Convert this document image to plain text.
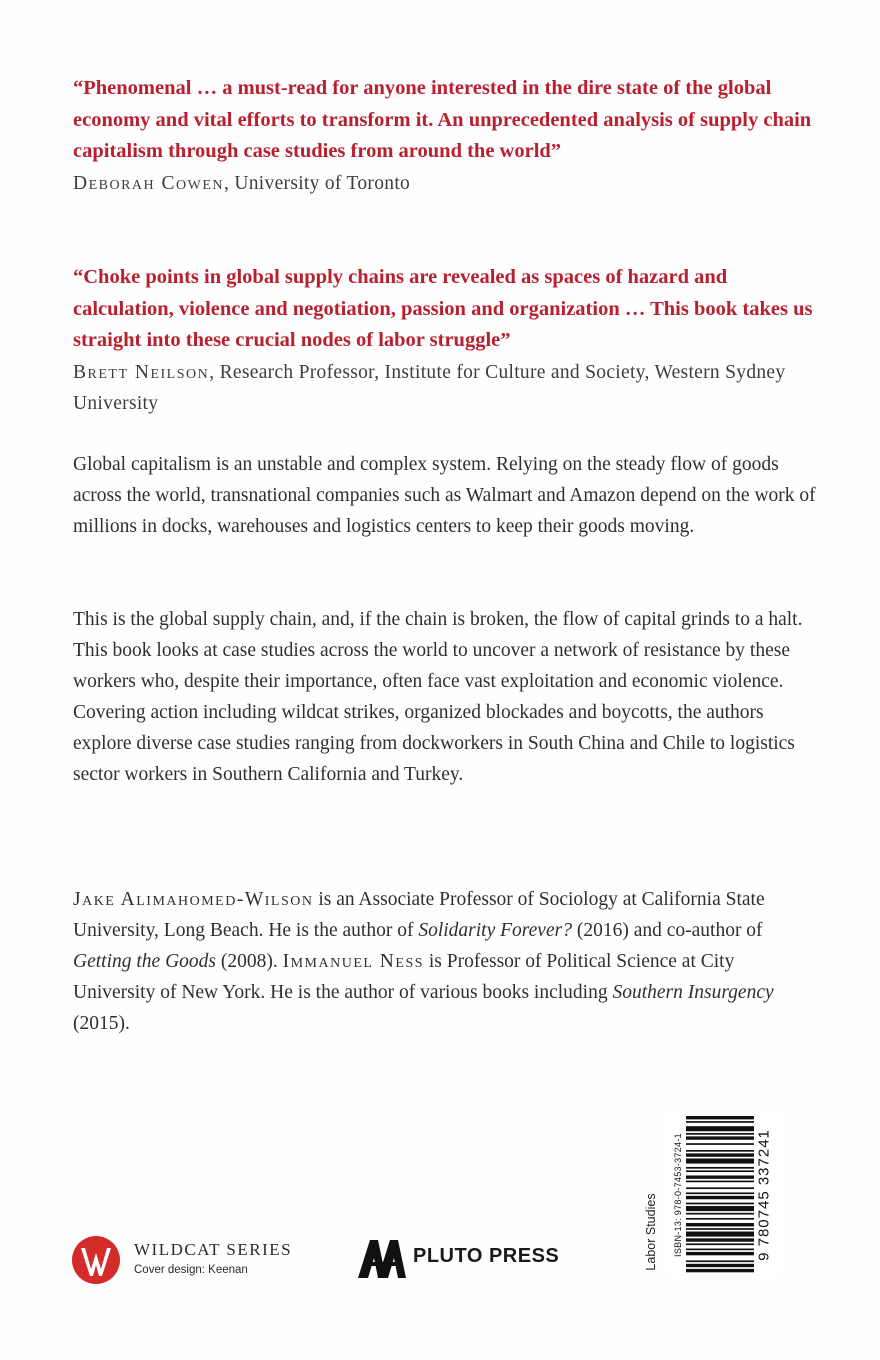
“Phenomenal … a must-read for anyone interested in the dire state of the global economy and vital efforts to transform it. An unprecedented analysis of supply chain capitalism through case studies from around the world”

Deborah Cowen, University of Toronto

“Choke points in global supply chains are revealed as spaces of hazard and calculation, violence and negotiation, passion and organization … This book takes us straight into these crucial nodes of labor struggle”

Brett Neilson, Research Professor, Institute for Culture and Society, Western Sydney University

Global capitalism is an unstable and complex system. Relying on the steady flow of goods across the world, transnational companies such as Walmart and Amazon depend on the work of millions in docks, warehouses and logistics centers to keep their goods moving.

This is the global supply chain, and, if the chain is broken, the flow of capital grinds to a halt. This book looks at case studies across the world to uncover a network of resistance by these workers who, despite their importance, often face vast exploitation and economic violence. Covering action including wildcat strikes, organized blockades and boycotts, the authors explore diverse case studies ranging from dockworkers in South China and Chile to logistics sector workers in Southern California and Turkey.

Jake Alimahomed-Wilson is an Associate Professor of Sociology at California State University, Long Beach. He is the author of Solidarity Forever? (2016) and co-author of Getting the Goods (2008). Immanuel Ness is Professor of Political Science at City University of New York. He is the author of various books including Southern Insurgency (2015).

WILDCAT SERIES
Cover design: Keenan
PLUTO PRESS	Labor Studies ISBN-13: 978-0-7453-3724-1	9 780745 337241
